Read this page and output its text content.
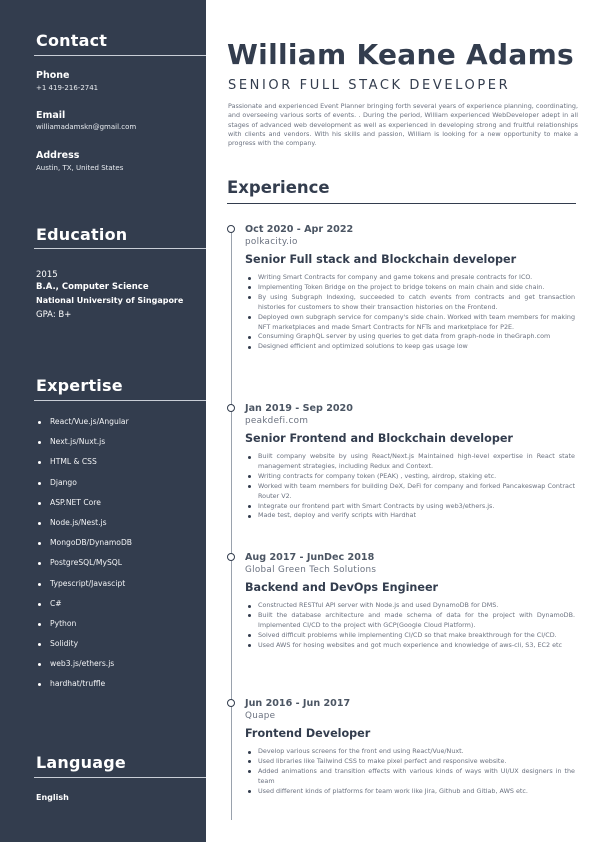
Contact
Phone
+1 419-216-2741
Email
williamadamskn@gmail.com
Address
Austin, TX, United States
Education
2015
B.A., Computer Science
National University of Singapore
GPA: B+
Expertise
React/Vue.js/Angular
Next.js/Nuxt.js
HTML & CSS
Django
ASP.NET Core
Node.js/Nest.js
MongoDB/DynamoDB
PostgreSQL/MySQL
Typescript/Javascipt
C#
Python
Solidity
web3.js/ethers.js
hardhat/truffle
Language
English
William Keane Adams
SENIOR FULL STACK DEVELOPER
Passionate and experienced Event Planner bringing forth several years of experience planning, coordinating, and overseeing various sorts of events. . During the period, William experienced WebDeveloper adept in all stages of advanced web development as well as experienced in developing strong and fruitful relationships with clients and vendors. With his skills and passion, William is looking for a new opportunity to make a progress with the company.
Experience
Oct 2020 - Apr 2022
polkacity.io
Senior Full stack and Blockchain developer
Writing Smart Contracts for company and game tokens and presale contracts for ICO.
Implementing Token Bridge on the project to bridge tokens on main chain and side chain.
By using Subgraph Indexing, succeeded to catch events from contracts and get transaction histories for customers to show their transaction histories on the Frontend.
Deployed own subgraph service for company's side chain. Worked with team members for making NFT marketplaces and made Smart Contracts for NFTs and marketplace for P2E.
Consuming GraphQL server by using queries to get data from graph-node in theGraph.com
Designed efficient and optimized solutions to keep gas usage low
Jan 2019 - Sep 2020
peakdefi.com
Senior Frontend and Blockchain developer
Built company website by using React/Next.js Maintained high-level expertise in React state management strategies, including Redux and Context.
Writing contracts for company token (PEAK) , vesting, airdrop, staking etc.
Worked with team members for building DeX, DeFi for company and forked Pancakeswap Contract Router V2.
Integrate our frontend part with Smart Contracts by using web3/ethers.js.
Made test, deploy and verify scripts with Hardhat
Aug 2017 - JunDec 2018
Global Green Tech Solutions
Backend and DevOps Engineer
Constructed RESTful API server with Node.js and used DynamoDB for DMS.
Built the database architecture and made schema of data for the project with DynamoDB. Implemented CI/CD to the project with GCP(Google Cloud Platform).
Solved difficult problems while implementing CI/CD so that make breakthrough for the CI/CD.
Used AWS for hosing websites and got much experience and knowledge of aws-cli, S3, EC2 etc
Jun 2016 - Jun 2017
Quape
Frontend Developer
Develop various screens for the front end using React/Vue/Nuxt.
Used libraries like Tailwind CSS to make pixel perfect and responsive website.
Added animations and transition effects with various kinds of ways with UI/UX designers in the team
Used different kinds of platforms for team work like Jira, Github and Gitlab, AWS etc.
